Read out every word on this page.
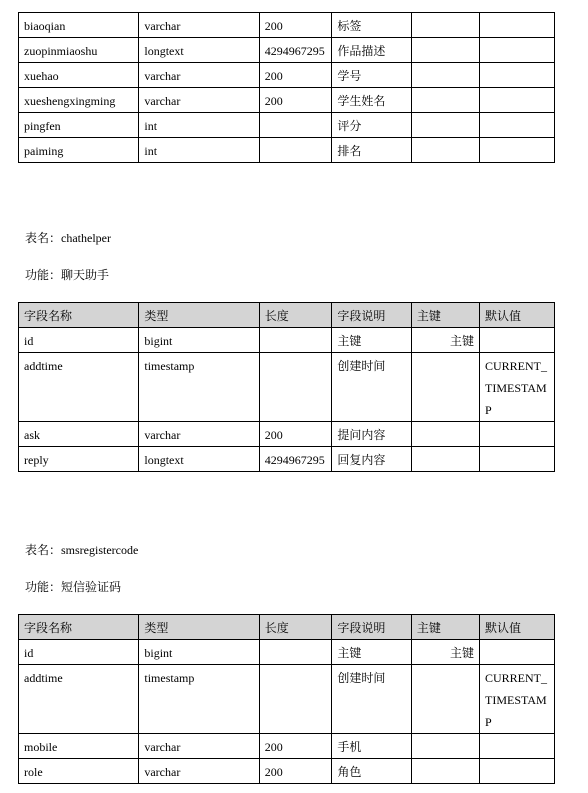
biaoqian	varchar	200	标签		
zuopinmiaoshu	longtext	4294967295	作品描述		
xuehao	varchar	200	学号		
xueshengxingming	varchar	200	学生姓名		
pingfen	int		评分		
paiming	int		排名		
表名：chathelper
功能：聊天助手
字段名称	类型	长度	字段说明	主键	默认值
id	bigint		主键	主键	
addtime	timestamp		创建时间		CURRENT_TIMESTAMP
ask	varchar	200	提问内容		
reply	longtext	4294967295	回复内容		
表名：smsregistercode
功能：短信验证码
字段名称	类型	长度	字段说明	主键	默认值
id	bigint		主键	主键	
addtime	timestamp		创建时间		CURRENT_TIMESTAMP
mobile	varchar	200	手机		
role	varchar	200	角色		
